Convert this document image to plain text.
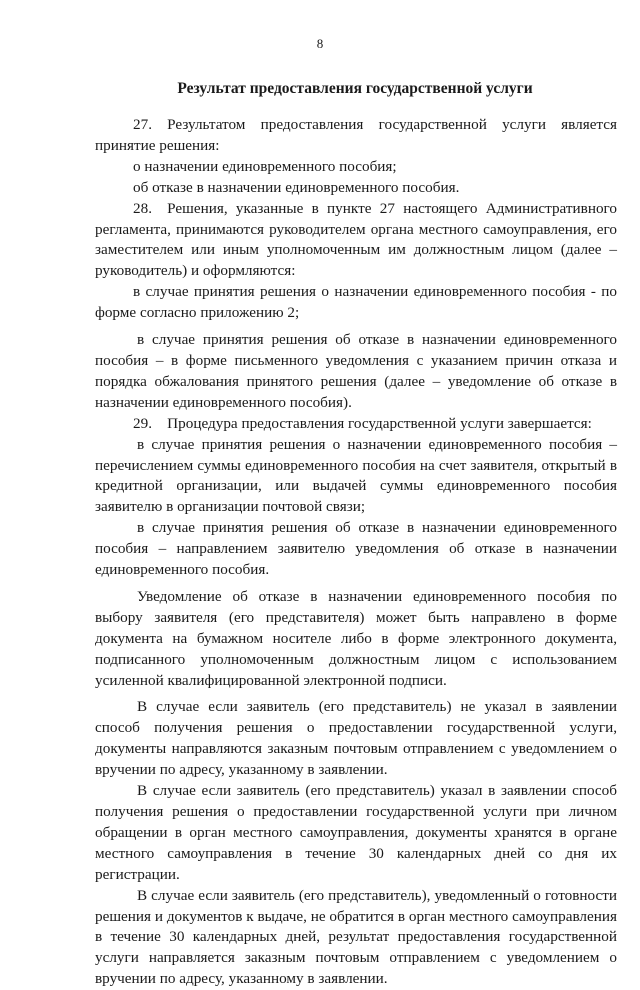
8
Результат предоставления государственной услуги

27. Результатом предоставления государственной услуги является принятие решения:

о назначении единовременного пособия;

об отказе в назначении единовременного пособия.

28. Решения, указанные в пункте 27 настоящего Административного регламента, принимаются руководителем органа местного самоуправления, его заместителем или иным уполномоченным им должностным лицом (далее – руководитель) и оформляются:

в случае принятия решения о назначении единовременного пособия - по форме согласно приложению 2;

в случае принятия решения об отказе в назначении единовременного пособия – в форме письменного уведомления с указанием причин отказа и порядка обжалования принятого решения (далее – уведомление об отказе в назначении единовременного пособия).

29. Процедура предоставления государственной услуги завершается:

в случае принятия решения о назначении единовременного пособия – перечислением суммы единовременного пособия на счет заявителя, открытый в кредитной организации, или выдачей суммы единовременного пособия заявителю в организации почтовой связи;

в случае принятия решения об отказе в назначении единовременного пособия – направлением заявителю уведомления об отказе в назначении единовременного пособия.

Уведомление об отказе в назначении единовременного пособия по выбору заявителя (его представителя) может быть направлено в форме документа на бумажном носителе либо в форме электронного документа, подписанного уполномоченным должностным лицом с использованием усиленной квалифицированной электронной подписи.

В случае если заявитель (его представитель) не указал в заявлении способ получения решения о предоставлении государственной услуги, документы направляются заказным почтовым отправлением с уведомлением о вручении по адресу, указанному в заявлении.

В случае если заявитель (его представитель) указал в заявлении способ получения решения о предоставлении государственной услуги при личном обращении в орган местного самоуправления, документы хранятся в органе местного самоуправления в течение 30 календарных дней со дня их регистрации.

В случае если заявитель (его представитель), уведомленный о готовности решения и документов к выдаче, не обратится в орган местного самоуправления в течение 30 календарных дней, результат предоставления государственной услуги направляется заказным почтовым отправлением с уведомлением о вручении по адресу, указанному в заявлении.
